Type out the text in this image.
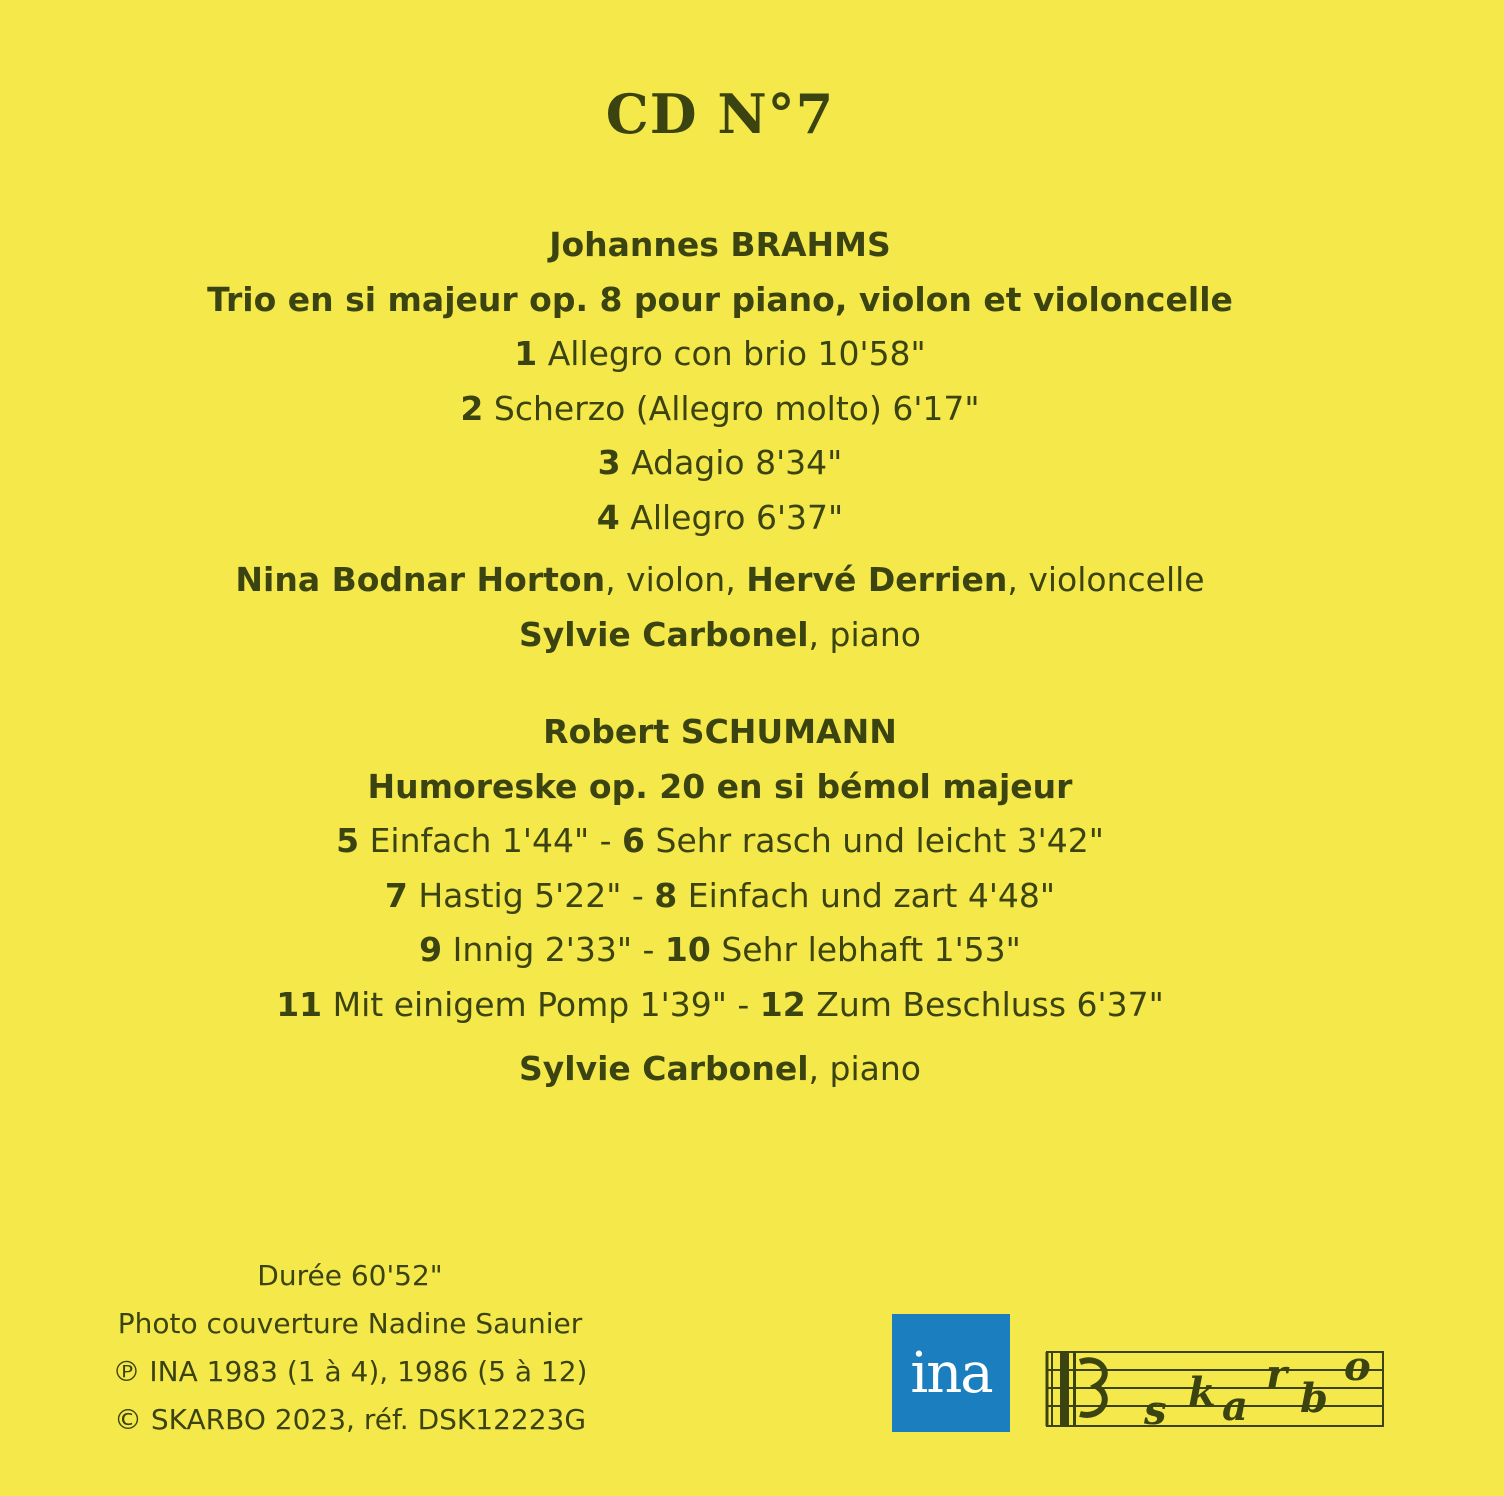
CD N°7
Johannes BRAHMS
Trio en si majeur op. 8 pour piano, violon et violoncelle
1 Allegro con brio 10'58"
2 Scherzo (Allegro molto) 6'17"
3 Adagio 8'34"
4 Allegro 6'37"
Nina Bodnar Horton, violon, Hervé Derrien, violoncelle
Sylvie Carbonel, piano
Robert SCHUMANN
Humoreske op. 20 en si bémol majeur
5 Einfach 1'44" - 6 Sehr rasch und leicht 3'42"
7 Hastig 5'22" - 8 Einfach und zart 4'48"
9 Innig 2'33" - 10 Sehr lebhaft 1'53"
11 Mit einigem Pomp 1'39" - 12 Zum Beschluss 6'37"
Sylvie Carbonel, piano
Durée 60'52"
Photo couverture Nadine Saunier
℗ INA 1983 (1 à 4), 1986 (5 à 12)
© SKARBO 2023, réf. DSK12223G
ina
s k a
r
b
o
